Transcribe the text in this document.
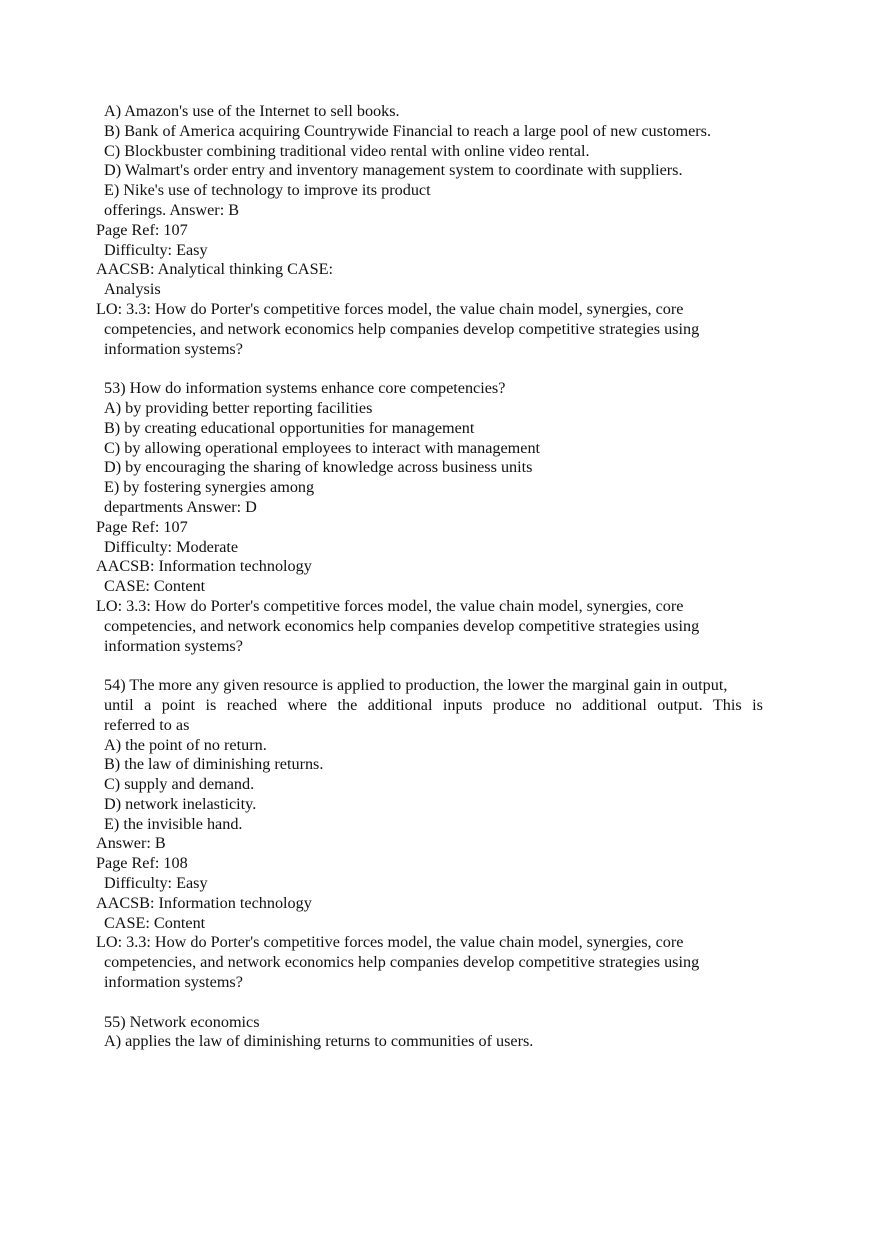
A) Amazon's use of the Internet to sell books.
B) Bank of America acquiring Countrywide Financial to reach a large pool of new customers.
C) Blockbuster combining traditional video rental with online video rental.
D) Walmart's order entry and inventory management system to coordinate with suppliers.
E) Nike's use of technology to improve its product
offerings. Answer: B
Page Ref: 107
Difficulty: Easy
AACSB: Analytical thinking CASE:
Analysis
LO: 3.3: How do Porter's competitive forces model, the value chain model, synergies, core
competencies, and network economics help companies develop competitive strategies using
information systems?
53) How do information systems enhance core competencies?
A) by providing better reporting facilities
B) by creating educational opportunities for management
C) by allowing operational employees to interact with management
D) by encouraging the sharing of knowledge across business units
E) by fostering synergies among
departments Answer: D
Page Ref: 107
Difficulty: Moderate
AACSB: Information technology
CASE: Content
LO: 3.3: How do Porter's competitive forces model, the value chain model, synergies, core
competencies, and network economics help companies develop competitive strategies using
information systems?
54) The more any given resource is applied to production, the lower the marginal gain in output,
until a point is reached where the additional inputs produce no additional output. This is
referred to as
A) the point of no return.
B) the law of diminishing returns.
C) supply and demand.
D) network inelasticity.
E) the invisible hand.
Answer: B
Page Ref: 108
Difficulty: Easy
AACSB: Information technology
CASE: Content
LO: 3.3: How do Porter's competitive forces model, the value chain model, synergies, core
competencies, and network economics help companies develop competitive strategies using
information systems?
55) Network economics
A) applies the law of diminishing returns to communities of users.
